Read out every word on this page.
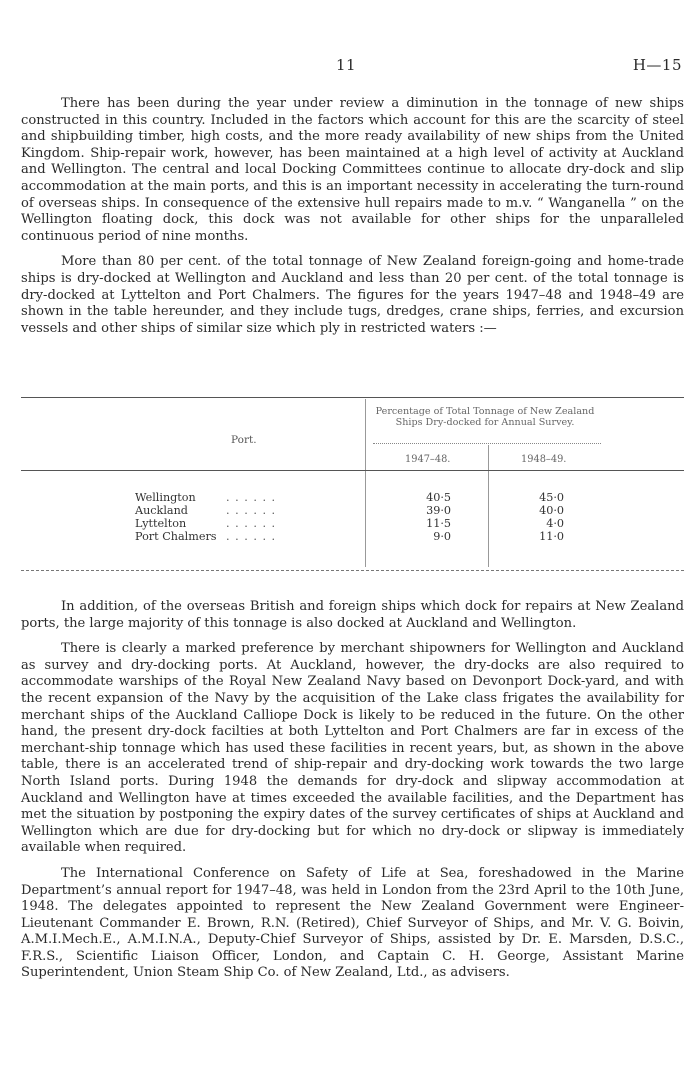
11	H—15

There has been during the year under review a diminution in the tonnage of new ships constructed in this country. Included in the factors which account for this are the scarcity of steel and shipbuilding timber, high costs, and the more ready availability of new ships from the United Kingdom. Ship-repair work, however, has been maintained at a high level of activity at Auckland and Wellington. The central and local Docking Committees continue to allocate dry-dock and slip accommodation at the main ports, and this is an important necessity in accelerating the turn-round of overseas ships. In consequence of the extensive hull repairs made to m.v. “ Wanganella ” on the Wellington floating dock, this dock was not available for other ships for the unparalleled continuous period of nine months.

More than 80 per cent. of the total tonnage of New Zealand foreign-going and home-trade ships is dry-docked at Wellington and Auckland and less than 20 per cent. of the total tonnage is dry-docked at Lyttelton and Port Chalmers. The figures for the years 1947–48 and 1948–49 are shown in the table hereunder, and they include tugs, dredges, crane ships, ferries, and excursion vessels and other ships of similar size which ply in restricted waters :—

Port.
Percentage of Total Tonnage of New Zealand Ships Dry-docked for Annual Survey.
1947–48.	1948–49.
Wellington	. . . . . .	40·5	45·0
Auckland	. . . . . .	39·0	40·0
Lyttelton	. . . . . .	11·5	4·0
Port Chalmers . . . . . .	9·0	11·0

In addition, of the overseas British and foreign ships which dock for repairs at New Zealand ports, the large majority of this tonnage is also docked at Auckland and Wellington.

There is clearly a marked preference by merchant shipowners for Wellington and Auckland as survey and dry-docking ports. At Auckland, however, the dry-docks are also required to accommodate warships of the Royal New Zealand Navy based on Devonport Dock-yard, and with the recent expansion of the Navy by the acquisition of the Lake class frigates the availability for merchant ships of the Auckland Calliope Dock is likely to be reduced in the future. On the other hand, the present dry-dock facilties at both Lyttelton and Port Chalmers are far in excess of the merchant-ship tonnage which has used these facilities in recent years, but, as shown in the above table, there is an accelerated trend of ship-repair and dry-docking work towards the two large North Island ports. During 1948 the demands for dry-dock and slipway accommodation at Auckland and Wellington have at times exceeded the available facilities, and the Department has met the situation by postponing the expiry dates of the survey certificates of ships at Auckland and Wellington which are due for dry-docking but for which no dry-dock or slipway is immediately available when required.

The International Conference on Safety of Life at Sea, foreshadowed in the Marine Department’s annual report for 1947–48, was held in London from the 23rd April to the 10th June, 1948. The delegates appointed to represent the New Zealand Government were Engineer-Lieutenant Commander E. Brown, R.N. (Retired), Chief Surveyor of Ships, and Mr. V. G. Boivin, A.M.I.Mech.E., A.M.I.N.A., Deputy-Chief Surveyor of Ships, assisted by Dr. E. Marsden, D.S.C., F.R.S., Scientific Liaison Officer, London, and Captain C. H. George, Assistant Marine Superintendent, Union Steam Ship Co. of New Zealand, Ltd., as advisers.
